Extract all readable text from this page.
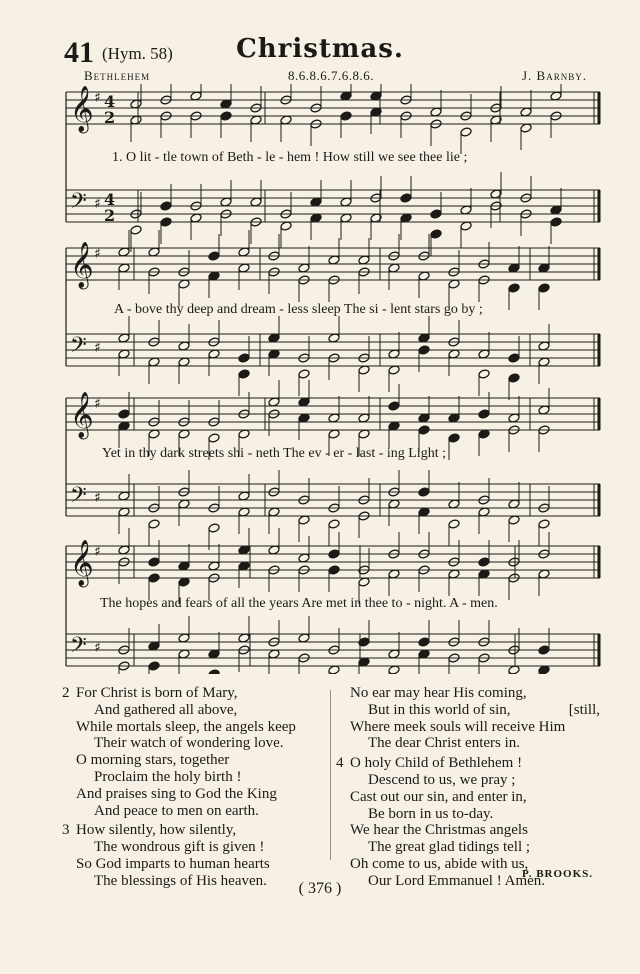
41 (Hym. 58)	Christmas.
Bethlehem	8.6.8.6.7.6.8.6.	J. Barnby.
𝄞 ♯ 4
2
𝄢 ♯ 4
2
𝄞 ♯
𝄢 ♯
𝄞 ♯
𝄢 ♯
𝄞 ♯
𝄢 ♯
1. O lit - tle town of Beth - le - hem ! How still we see thee lie ;
A - bove thy deep and dream - less sleep The si - lent stars go by ;
Yet in thy dark streets shi - neth The ev - er - last - ing Light ;
The hopes and fears of all the years Are met in thee to - night. A - men.
2 For Christ is born of Mary,
And gathered all above,
While mortals sleep, the angels keep
Their watch of wondering love.
O morning stars, together
Proclaim the holy birth !
And praises sing to God the King
And peace to men on earth.
3 How silently, how silently,
The wondrous gift is given !
So God imparts to human hearts
The blessings of His heaven.
No ear may hear His coming,
But in this world of sin,	[still,
Where meek souls will receive Him
The dear Christ enters in.
4 O holy Child of Bethlehem !
Descend to us, we pray ;
Cast out our sin, and enter in,
Be born in us to-day.
We hear the Christmas angels
The great glad tidings tell ;
Oh come to us, abide with us,
Our Lord Emmanuel ! Amen.
P. BROOKS.
( 376 )
